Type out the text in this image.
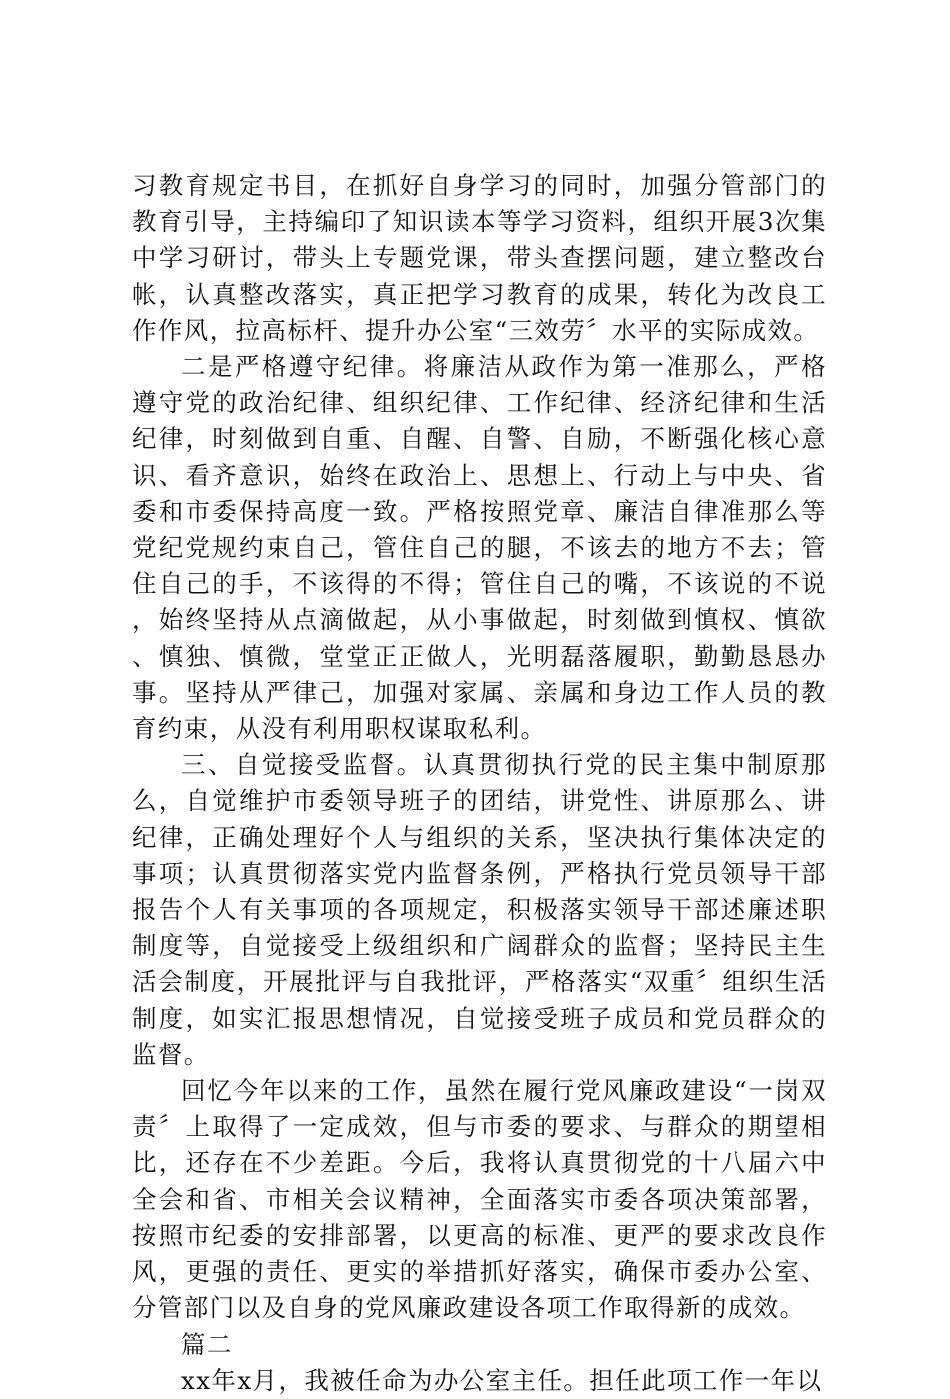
习教育规定书目，在抓好自身学习的同时，加强分管部门的教育引导，主持编印了知识读本等学习资料，组织开展3次集中学习研讨，带头上专题党课，带头查摆问题，建立整改台帐，认真整改落实，真正把学习教育的成果，转化为改良工作作风，拉高标杆、提升办公室“三效劳〞水平的实际成效。

二是严格遵守纪律。将廉洁从政作为第一准那么，严格遵守党的政治纪律、组织纪律、工作纪律、经济纪律和生活纪律，时刻做到自重、自醒、自警、自励，不断强化核心意识、看齐意识，始终在政治上、思想上、行动上与中央、省委和市委保持高度一致。严格按照党章、廉洁自律准那么等党纪党规约束自己，管住自己的腿，不该去的地方不去；管住自己的手，不该得的不得；管住自己的嘴，不该说的不说，始终坚持从点滴做起，从小事做起，时刻做到慎权、慎欲、慎独、慎微，堂堂正正做人，光明磊落履职，勤勤恳恳办事。坚持从严律己，加强对家属、亲属和身边工作人员的教育约束，从没有利用职权谋取私利。

三、自觉接受监督。认真贯彻执行党的民主集中制原那么，自觉维护市委领导班子的团结，讲党性、讲原那么、讲纪律，正确处理好个人与组织的关系，坚决执行集体决定的事项；认真贯彻落实党内监督条例，严格执行党员领导干部报告个人有关事项的各项规定，积极落实领导干部述廉述职制度等，自觉接受上级组织和广阔群众的监督；坚持民主生活会制度，开展批评与自我批评，严格落实“双重〞组织生活制度，如实汇报思想情况，自觉接受班子成员和党员群众的监督。

回忆今年以来的工作，虽然在履行党风廉政建设“一岗双责〞上取得了一定成效，但与市委的要求、与群众的期望相比，还存在不少差距。今后，我将认真贯彻党的十八届六中全会和省、市相关会议精神，全面落实市委各项决策部署，按照市纪委的安排部署，以更高的标准、更严的要求改良作风，更强的责任、更实的举措抓好落实，确保市委办公室、分管部门以及自身的党风廉政建设各项工作取得新的成效。

篇二

xx年x月，我被任命为办公室主任。担任此项工作一年以
